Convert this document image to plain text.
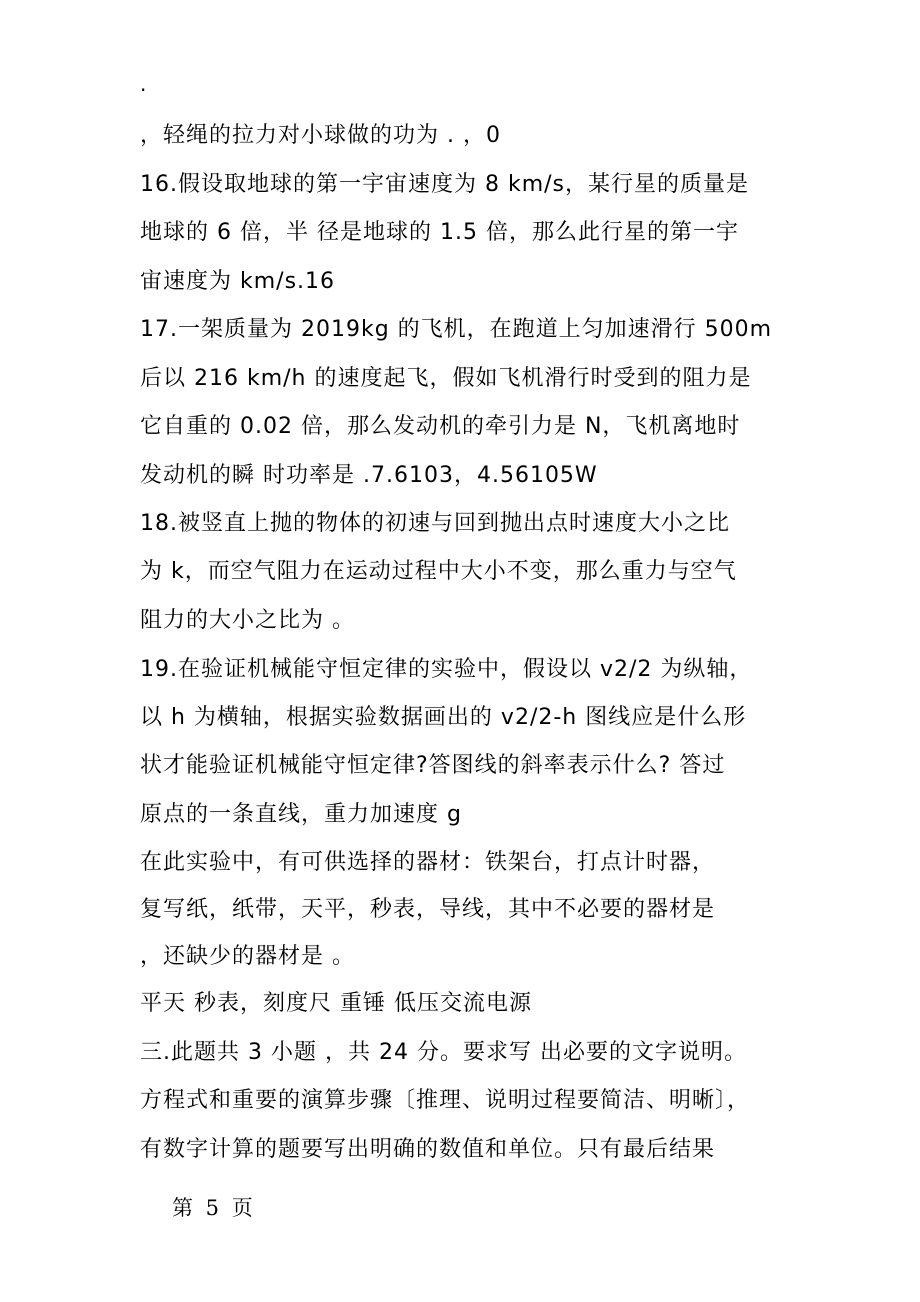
.
，轻绳的拉力对小球做的功为 . ，0
16.假设取地球的第一宇宙速度为 8 km/s，某行星的质量是
地球的 6 倍，半 径是地球的 1.5 倍，那么此行星的第一宇
宙速度为 km/s.16
17.一架质量为 2019kg 的飞机，在跑道上匀加速滑行 500m
后以 216 km/h 的速度起飞，假如飞机滑行时受到的阻力是
它自重的 0.02 倍，那么发动机的牵引力是 N，飞机离地时
发动机的瞬 时功率是 .7.6103，4.56105W
18.被竖直上抛的物体的初速与回到抛出点时速度大小之比
为 k，而空气阻力在运动过程中大小不变，那么重力与空气
阻力的大小之比为 。
19.在验证机械能守恒定律的实验中，假设以 v2/2 为纵轴，
以 h 为横轴，根据实验数据画出的 v2/2-h 图线应是什么形
状才能验证机械能守恒定律?答图线的斜率表示什么? 答过
原点的一条直线，重力加速度 g
在此实验中，有可供选择的器材：铁架台，打点计时器，
复写纸，纸带，天平，秒表，导线，其中不必要的器材是
，还缺少的器材是 。
平天 秒表，刻度尺 重锤 低压交流电源
三.此题共 3 小题 ，共 24 分。要求写 出必要的文字说明。
方程式和重要的演算步骤〔推理、说明过程要简洁、明晰〕，
有数字计算的题要写出明确的数值和单位。只有最后结果
第 5 页
